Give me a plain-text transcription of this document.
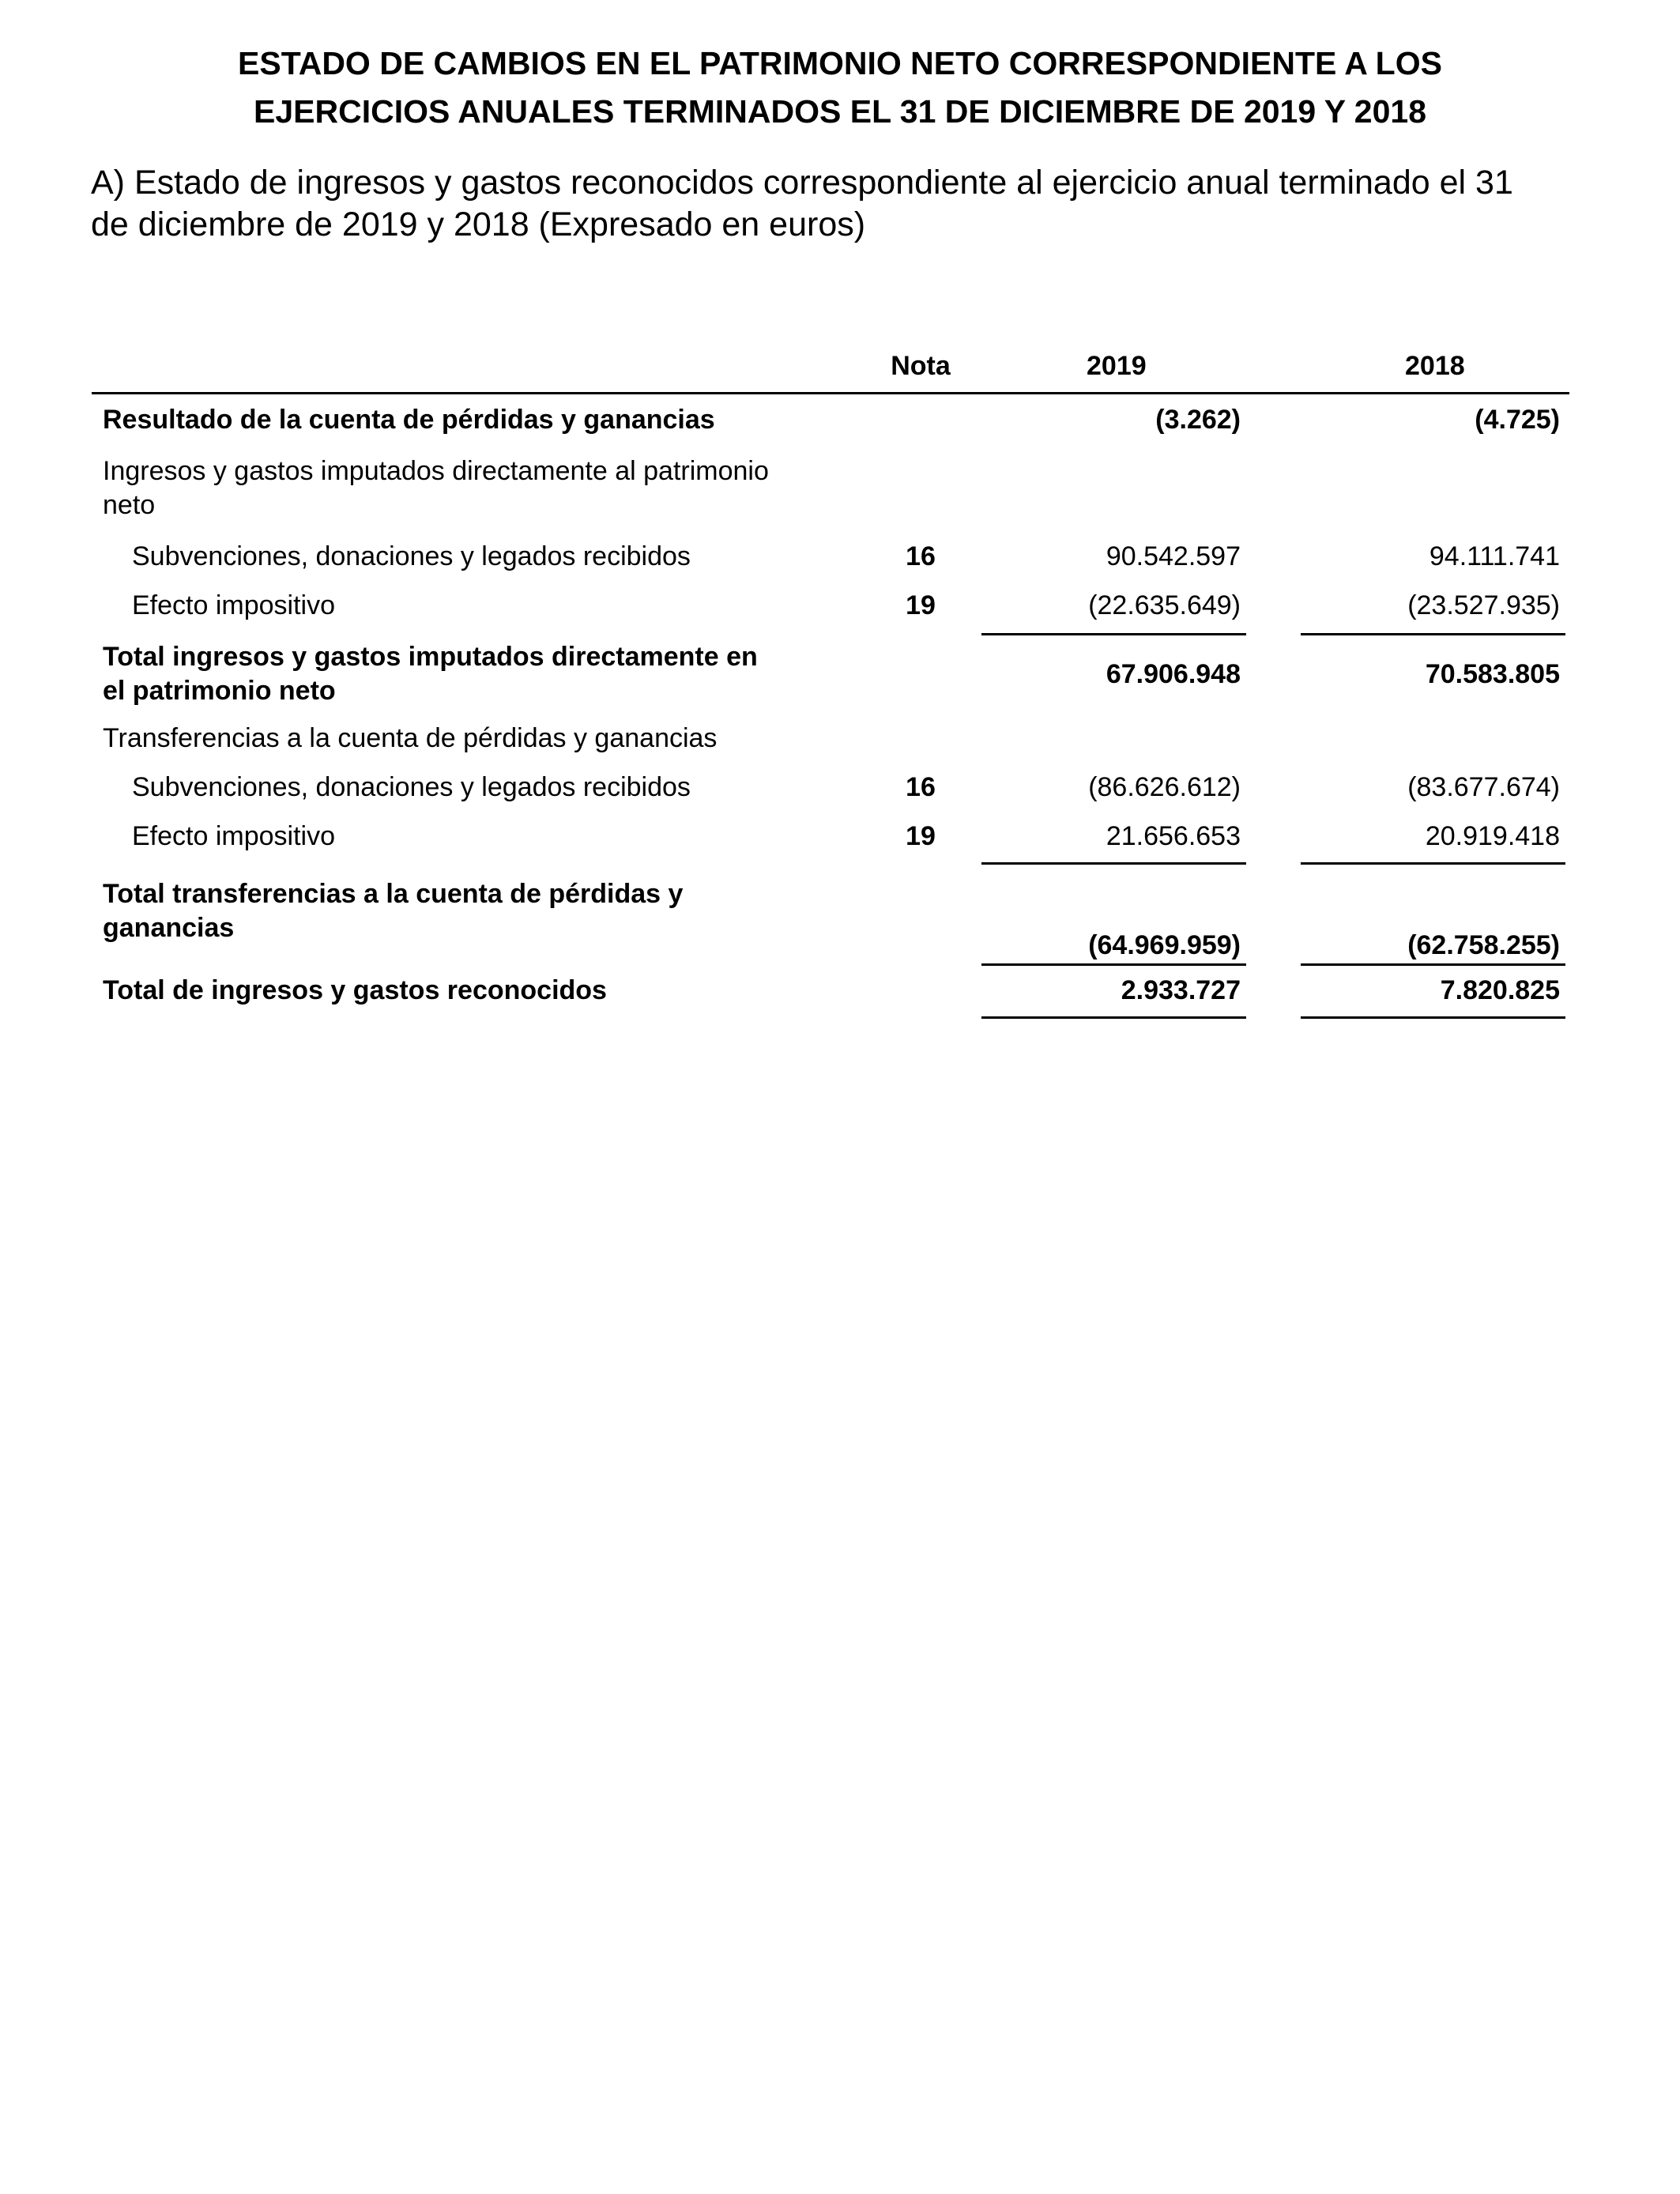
ESTADO DE CAMBIOS EN EL PATRIMONIO NETO CORRESPONDIENTE A LOS
EJERCICIOS ANUALES TERMINADOS EL 31 DE DICIEMBRE DE 2019 Y 2018
A) Estado de ingresos y gastos reconocidos correspondiente al ejercicio anual terminado el 31
de diciembre de 2019 y 2018 (Expresado en euros)
Nota	2019	2018
Resultado de la cuenta de pérdidas y ganancias	(3.262)	(4.725)
Ingresos y gastos imputados directamente al patrimonio
neto
Subvenciones, donaciones y legados recibidos	16	90.542.597	94.111.741
Efecto impositivo	19	(22.635.649)	(23.527.935)
Total ingresos y gastos imputados directamente en
el patrimonio neto
67.906.948	70.583.805
Transferencias a la cuenta de pérdidas y ganancias
Subvenciones, donaciones y legados recibidos	16	(86.626.612)	(83.677.674)
Efecto impositivo	19	21.656.653	20.919.418
Total transferencias a la cuenta de pérdidas y
ganancias
(64.969.959)	(62.758.255)
Total de ingresos y gastos reconocidos	2.933.727	7.820.825
